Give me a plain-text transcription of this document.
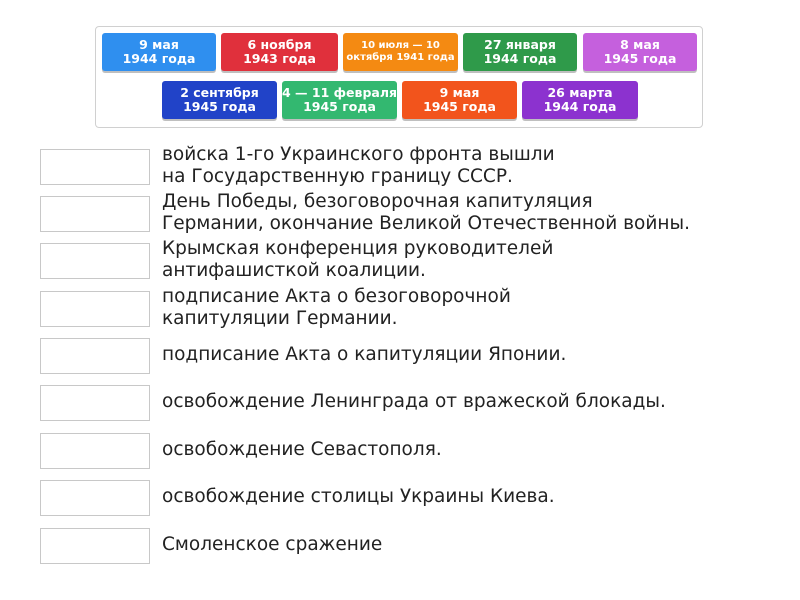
9 мая
1944 года
6 ноября
1943 года
10 июля — 10
октября 1941 года
27 января
1944 года
8 мая
1945 года
2 сентября
1945 года
4 — 11 февраля
1945 года
9 мая
1945 года
26 марта
1944 года
войска 1-го Украинского фронта вышли
на Государственную границу СССР.
День Победы, безоговорочная капитуляция
Германии, окончание Великой Отечественной войны.
Крымская конференция руководителей
антифашисткой коалиции.
подписание Акта о безоговорочной
капитуляции Германии.
подписание Акта о капитуляции Японии.
освобождение Ленинграда от вражеской блокады.
освобождение Севастополя.
освобождение столицы Украины Киева.
Смоленское сражение
